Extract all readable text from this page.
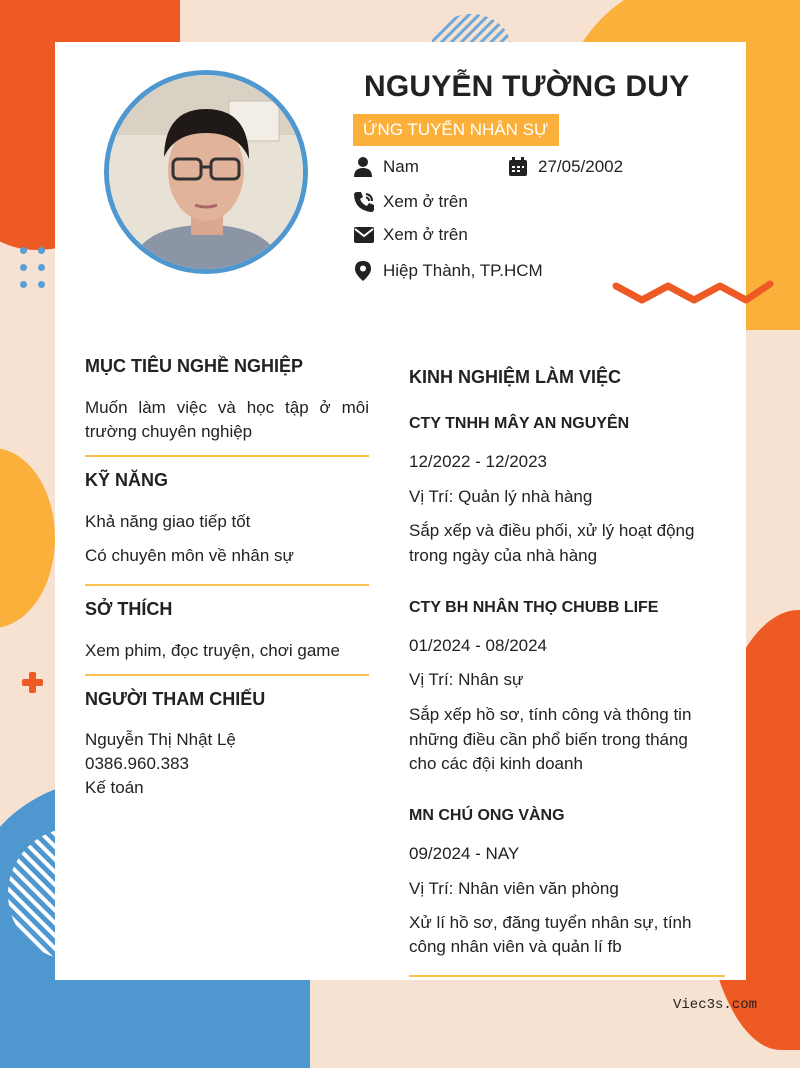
NGUYỄN TƯỜNG DUY
ỨNG TUYỂN NHÂN SỰ
Nam	27/05/2002
Xem ở trên
Xem ở trên
Hiệp Thành, TP.HCM
MỤC TIÊU NGHỀ NGHIỆP
Muốn làm việc và học tập ở môi
trường chuyên nghiệp
KỸ NĂNG
Khả năng giao tiếp tốt
Có chuyên môn về nhân sự
SỞ THÍCH
Xem phim, đọc truyện, chơi game
NGƯỜI THAM CHIẾU
Nguyễn Thị Nhật Lệ
0386.960.383
Kế toán
KINH NGHIỆM LÀM VIỆC
CTY TNHH MÂY AN NGUYÊN
12/2022 - 12/2023
Vị Trí: Quản lý nhà hàng
Sắp xếp và điều phối, xử lý hoạt động
trong ngày của nhà hàng
CTY BH NHÂN THỌ CHUBB LIFE
01/2024 - 08/2024
Vị Trí: Nhân sự
Sắp xếp hồ sơ, tính công và thông tin
những điều cần phổ biến trong tháng
cho các đội kinh doanh
MN CHÚ ONG VÀNG
09/2024 - NAY
Vị Trí: Nhân viên văn phòng
Xử lí hồ sơ, đăng tuyển nhân sự, tính
công nhân viên và quản lí fb
Viec3s.com
